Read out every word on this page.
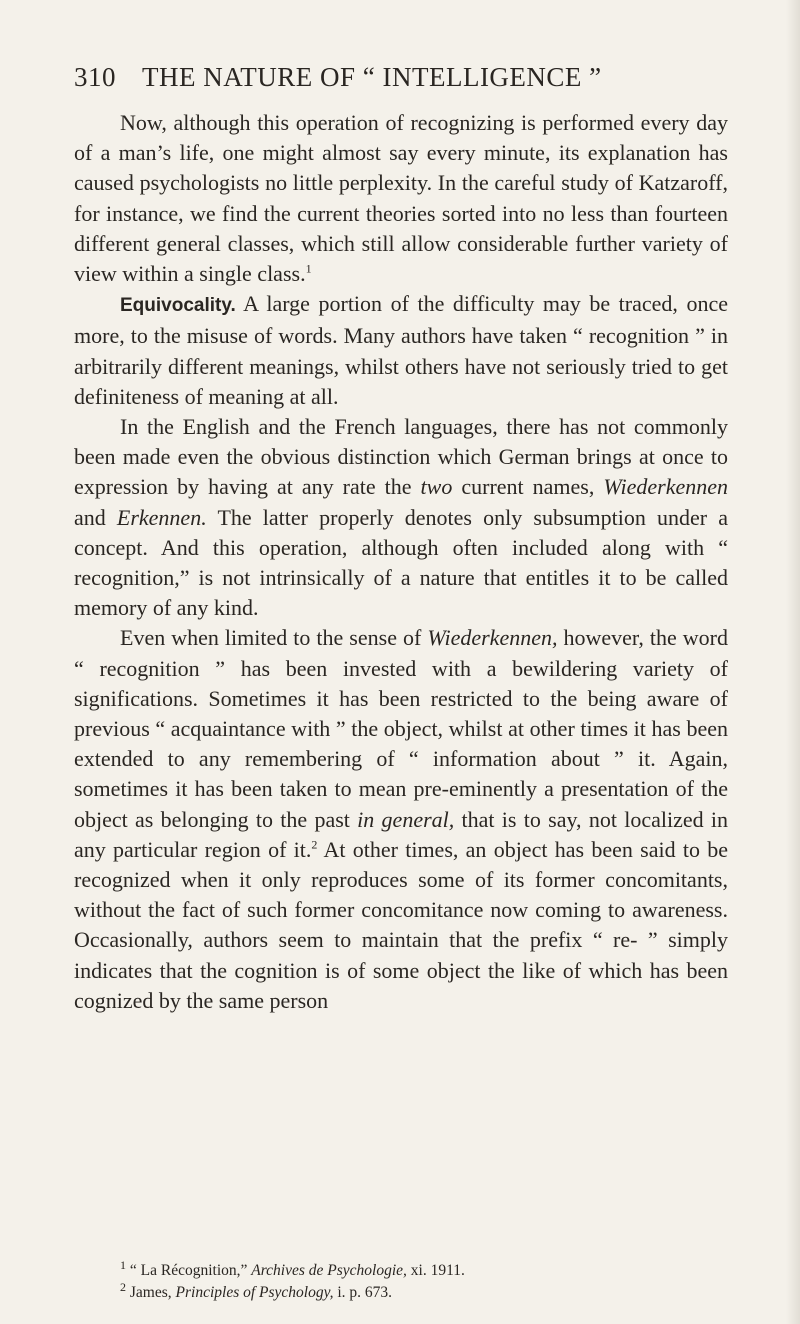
310 THE NATURE OF “ INTELLIGENCE ”

Now, although this operation of recognizing is performed every day of a man’s life, one might almost say every minute, its explanation has caused psychologists no little perplexity. In the careful study of Katzaroff, for instance, we find the current theories sorted into no less than fourteen different general classes, which still allow considerable further variety of view within a single class.$^1$

Equivocality. A large portion of the difficulty may be traced, once more, to the misuse of words. Many authors have taken “ recognition ” in arbitrarily different meanings, whilst others have not seriously tried to get definiteness of meaning at all.

In the English and the French languages, there has not commonly been made even the obvious distinction which German brings at once to expression by having at any rate the two current names, Wiederkennen and Erkennen. The latter properly denotes only subsumption under a concept. And this operation, although often included along with “ recognition,” is not intrinsically of a nature that entitles it to be called memory of any kind.

Even when limited to the sense of Wiederkennen, however, the word “ recognition ” has been invested with a bewildering variety of significations. Sometimes it has been restricted to the being aware of previous “ acquaintance with ” the object, whilst at other times it has been extended to any remembering of “ information about ” it. Again, sometimes it has been taken to mean pre-eminently a presentation of the object as belonging to the past in general, that is to say, not localized in any particular region of it.$^2$ At other times, an object has been said to be recognized when it only reproduces some of its former concomitants, without the fact of such former concomitance now coming to awareness. Occasionally, authors seem to maintain that the prefix “ re- ” simply indicates that the cognition is of some object the like of which has been cognized by the same person

$^1$ “ La Récognition,” Archives de Psychologie, xi. 1911.

$^2$ James, Principles of Psychology, i. p. 673.
